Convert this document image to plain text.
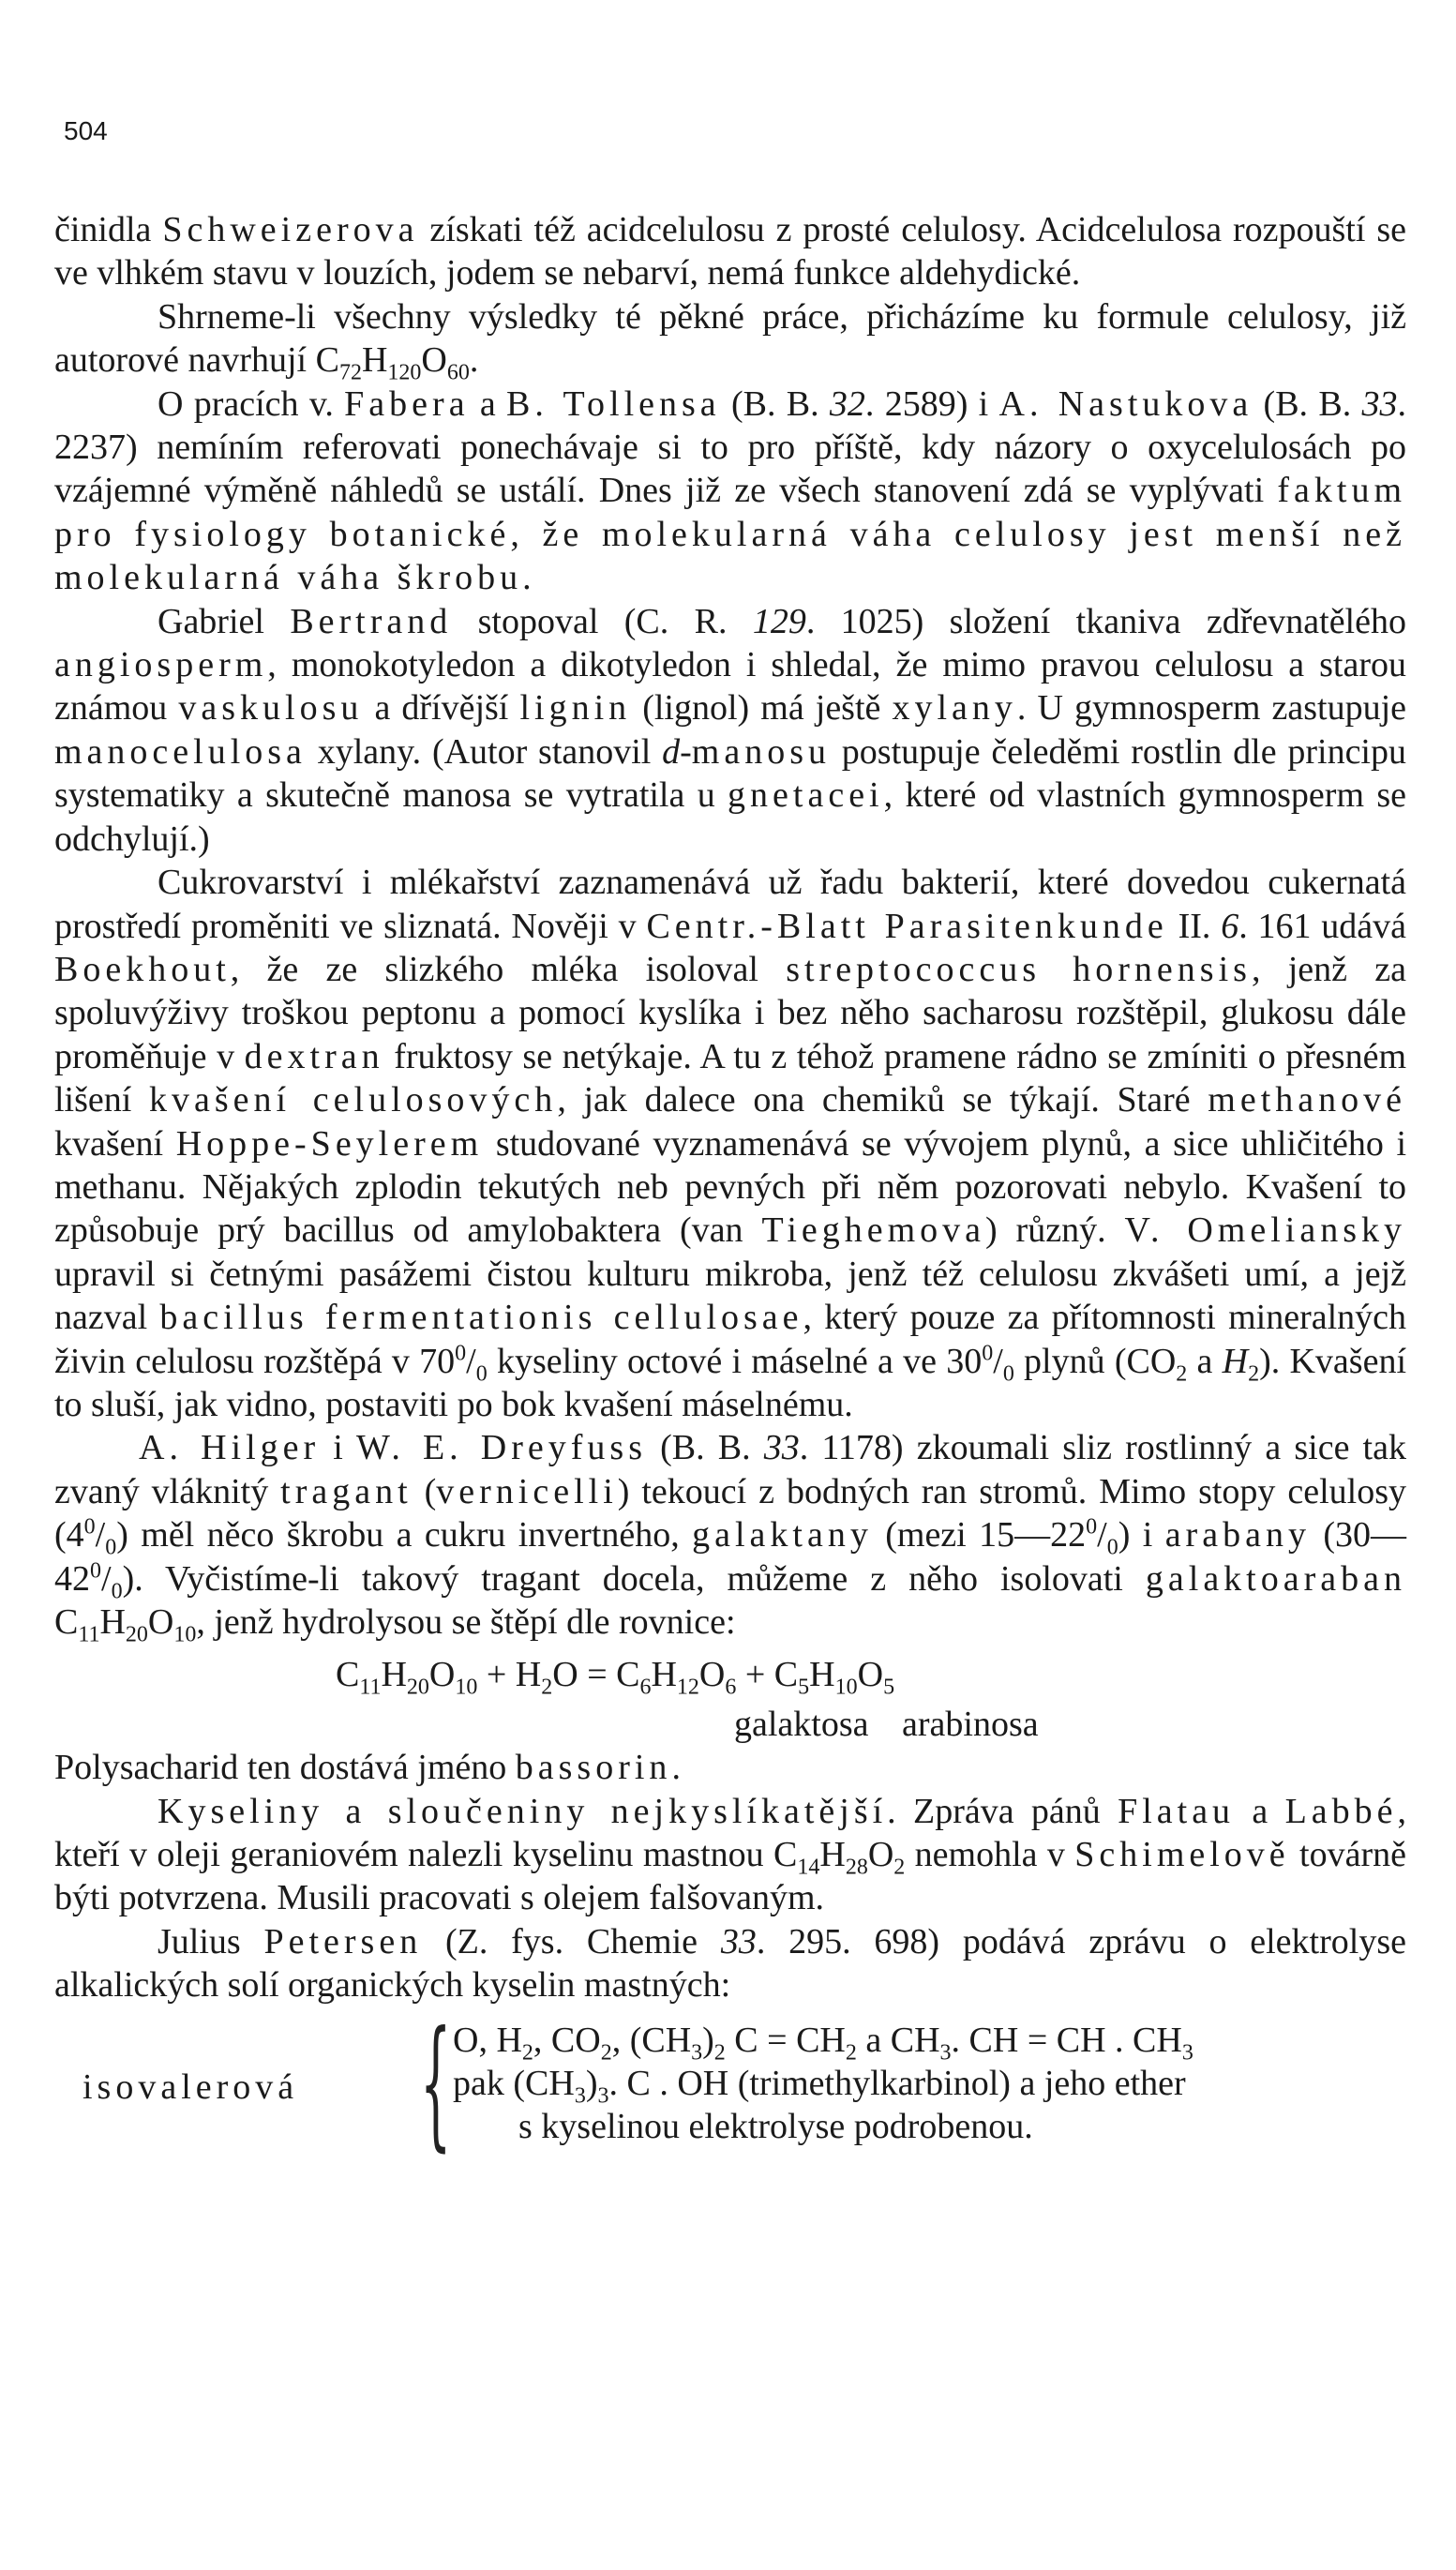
504

činidla Schweizerova získati též acidcelulosu z prosté celulosy. Acidcelulosa rozpouští se ve vlhkém stavu v louzích, jodem se nebarví, nemá funkce aldehydické.

Shrneme-li všechny výsledky té pěkné práce, přicházíme ku formule celulosy, již autorové navrhují $C_{72}H_{120}O_{60}$.

O pracích v. Fabera a B. Tollensa (B. B. 32. 2589) i A. Nastukova (B. B. 33. 2237) nemíním referovati ponechávaje si to pro příště, kdy názory o oxycelulosách po vzájemné výměně náhledů se ustálí. Dnes již ze všech stanovení zdá se vyplývati faktum pro fysiology botanické, že molekularná váha celulosy jest menší než molekularná váha škrobu.

Gabriel Bertrand stopoval (C. R. 129. 1025) složení tkaniva zdřevnatělého angiosperm, monokotyledon a dikotyledon i shledal, že mimo pravou celulosu a starou známou vaskulosu a dřívější lignin (lignol) má ještě xylany. U gymnosperm zastupuje manocelulosa xylany. (Autor stanovil d-manosu postupuje čeleděmi rostlin dle principu systematiky a skutečně manosa se vytratila u gnetacei, které od vlastních gymnosperm se odchylují.)

Cukrovarství i mlékařství zaznamenává už řadu bakterií, které dovedou cukernatá prostředí proměniti ve sliznatá. Nověji v Centr.-Blatt Parasitenkunde II. 6. 161 udává Boekhout, že ze slizkého mléka isoloval streptococcus hornensis, jenž za spoluvýživy troškou peptonu a pomocí kyslíka i bez něho sacharosu rozštěpil, glukosu dále proměňuje v dextran fruktosy se netýkaje. A tu z téhož pramene rádno se zmíniti o přesném lišení kvašení celulosových, jak dalece ona chemiků se týkají. Staré methanové kvašení Hoppe-Seylerem studované vyznamenává se vývojem plynů, a sice uhličitého i methanu. Nějakých zplodin tekutých neb pevných při něm pozorovati nebylo. Kvašení to způsobuje prý bacillus od amylobaktera (van Tieghemova) různý. V. Omeliansky upravil si četnými pasážemi čistou kulturu mikroba, jenž též celulosu zkvášeti umí, a jejž nazval bacillus fermentationis cellulosae, který pouze za přítomnosti mineralných živin celulosu rozštěpá v $70^0/_0$ kyseliny octové i máselné a ve $30^0/_0$ plynů ($CO_2$ a $H_2$). Kvašení to sluší, jak vidno, postaviti po bok kvašení máselnému.

A. Hilger i W. E. Dreyfuss (B. B. 33. 1178) zkoumali sliz rostlinný a sice tak zvaný vláknitý tragant (vernicelli) tekoucí z bodných ran stromů. Mimo stopy celulosy $(4^0/_0)$ měl něco škrobu a cukru invertného, galaktany (mezi $15—22^0/_0$) i arabany $(30—42^0/_0)$. Vyčistíme-li takový tragant docela, můžeme z něho isolovati galaktoaraban $C_{11}H_{20}O_{10}$, jenž hydrolysou se štěpí dle rovnice:

$C_{11}H_{20}O_{10} + H_2O = C_6H_{12}O_6 + C_5H_{10}O_5$
galaktosa arabinosa

Polysacharid ten dostává jméno bassorin.

Kyseliny a sloučeniny nejkyslíkatější. Zpráva pánů Flatau a Labbé, kteří v oleji geraniovém nalezli kyselinu mastnou $C_{14}H_{28}O_2$ nemohla v Schimelově továrně býti potvrzena. Musili pracovati s olejem falšovaným.

Julius Petersen (Z. fys. Chemie 33. 295. 698) podává zprávu o elektrolyse alkalických solí organických kyselin mastných:

isovalerová { O, $H_2$, $CO_2$, $(CH_3)_2$ $C = CH_2$ a $CH_3$. CH = CH . $CH_3$
pak $(CH_3)_3$. C . OH (trimethylkarbinol) a jeho ether
s kyselinou elektrolyse podrobenou.
